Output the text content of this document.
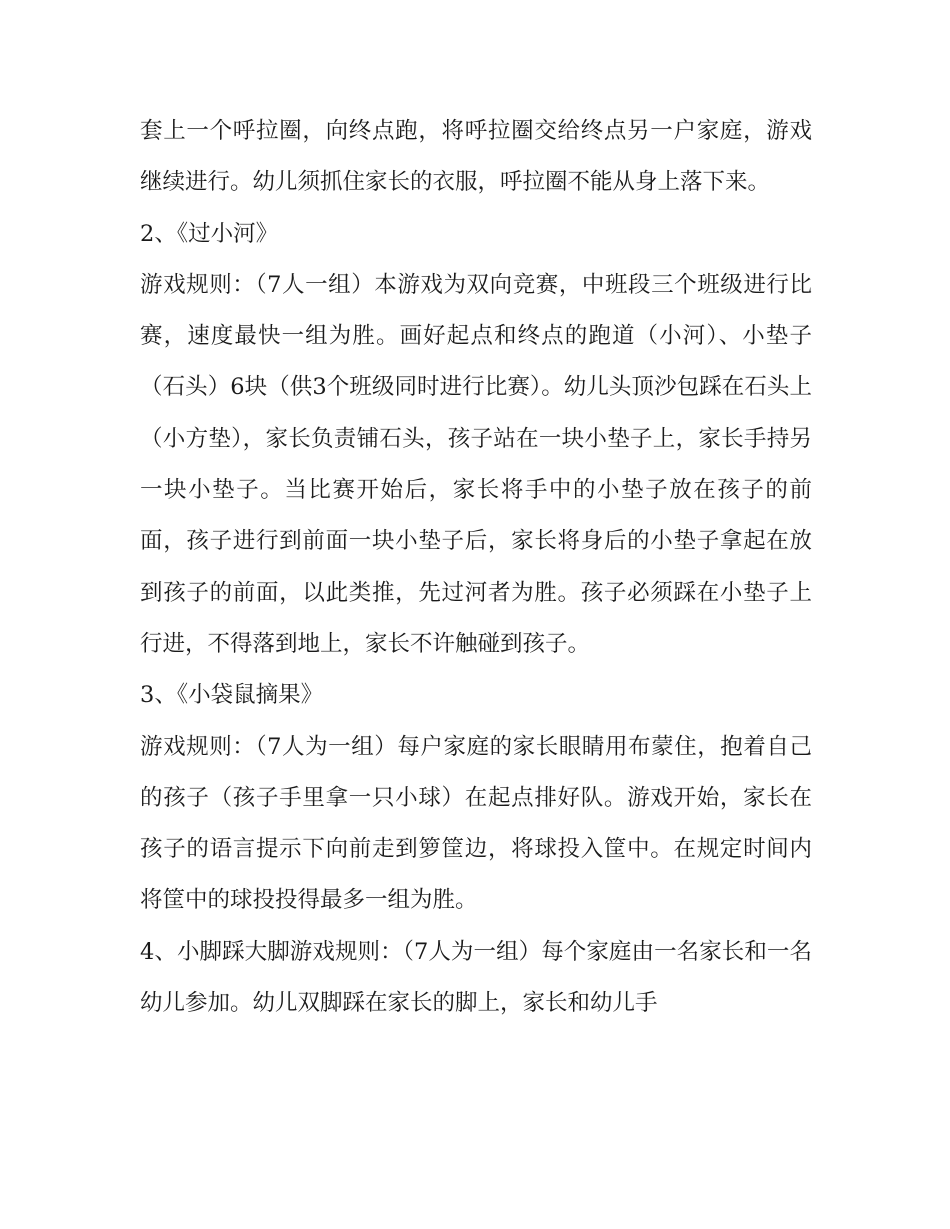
套上一个呼拉圈，向终点跑，将呼拉圈交给终点另一户家庭，游戏继续进行。幼儿须抓住家长的衣服，呼拉圈不能从身上落下来。

2、《过小河》

游戏规则：（7人一组）本游戏为双向竞赛，中班段三个班级进行比赛，速度最快一组为胜。画好起点和终点的跑道（小河）、小垫子（石头）6块（供3个班级同时进行比赛）。幼儿头顶沙包踩在石头上（小方垫），家长负责铺石头，孩子站在一块小垫子上，家长手持另一块小垫子。当比赛开始后，家长将手中的小垫子放在孩子的前面，孩子进行到前面一块小垫子后，家长将身后的小垫子拿起在放到孩子的前面，以此类推，先过河者为胜。孩子必须踩在小垫子上行进，不得落到地上，家长不许触碰到孩子。

3、《小袋鼠摘果》

游戏规则：（7人为一组）每户家庭的家长眼睛用布蒙住，抱着自己的孩子（孩子手里拿一只小球）在起点排好队。游戏开始，家长在孩子的语言提示下向前走到箩筐边，将球投入筐中。在规定时间内将筐中的球投投得最多一组为胜。

4、小脚踩大脚游戏规则：（7人为一组）每个家庭由一名家长和一名幼儿参加。幼儿双脚踩在家长的脚上，家长和幼儿手
